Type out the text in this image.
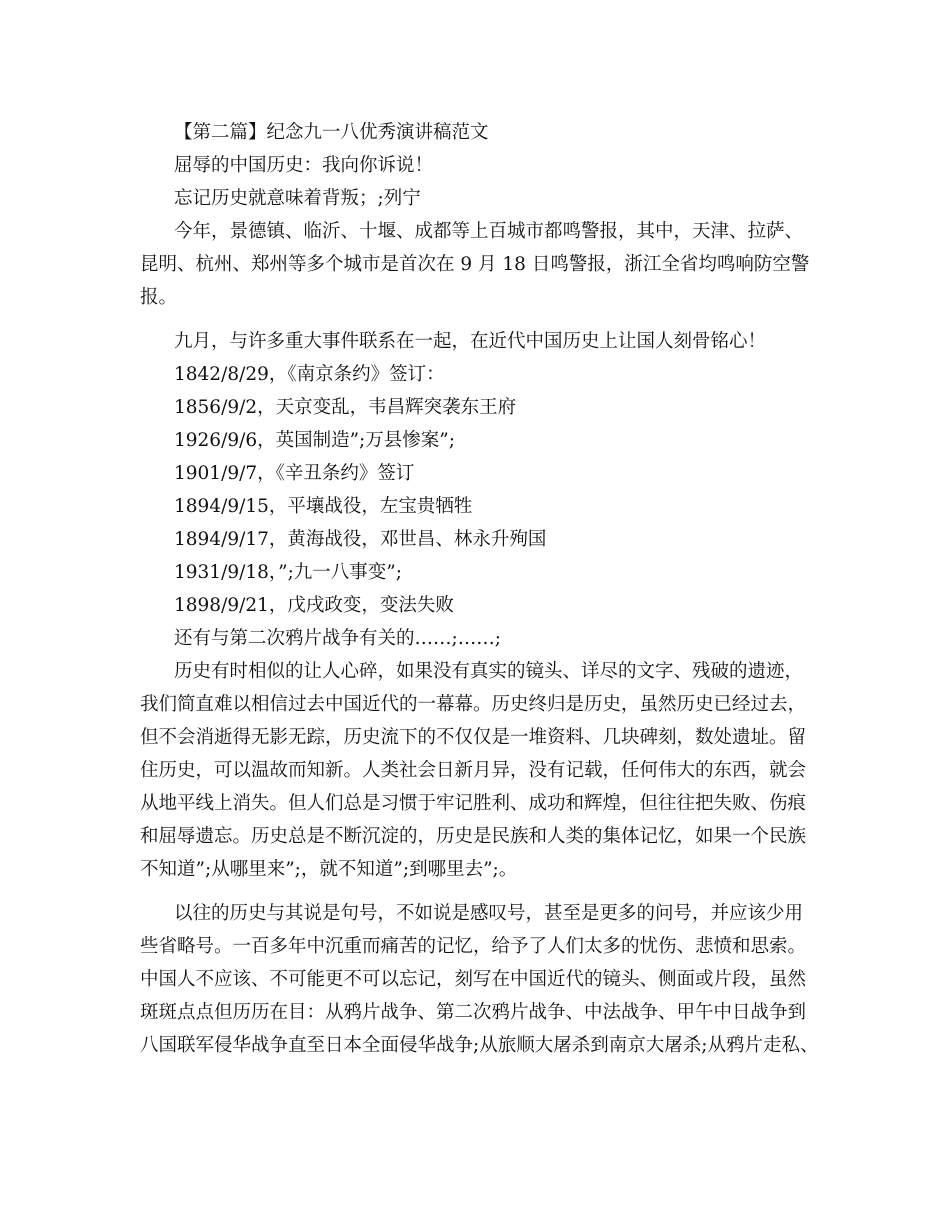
【第二篇】纪念九一八优秀演讲稿范文
屈辱的中国历史：我向你诉说！
忘记历史就意味着背叛；;列宁
今年，景德镇、临沂、十堰、成都等上百城市都鸣警报，其中，天津、拉萨、
昆明、杭州、郑州等多个城市是首次在 9 月 18 日鸣警报，浙江全省均鸣响防空警
报。
九月，与许多重大事件联系在一起，在近代中国历史上让国人刻骨铭心！
1842/8/29，《南京条约》签订：
1856/9/2，天京变乱，韦昌辉突袭东王府
1926/9/6，英国制造”;万县惨案”;
1901/9/7，《辛丑条约》签订
1894/9/15，平壤战役，左宝贵牺牲
1894/9/17，黄海战役，邓世昌、林永升殉国
1931/9/18，”;九一八事变”;
1898/9/21，戊戌政变，变法失败
还有与第二次鸦片战争有关的……;……;
历史有时相似的让人心碎，如果没有真实的镜头、详尽的文字、残破的遗迹，
我们简直难以相信过去中国近代的一幕幕。历史终归是历史，虽然历史已经过去，
但不会消逝得无影无踪，历史流下的不仅仅是一堆资料、几块碑刻，数处遗址。留
住历史，可以温故而知新。人类社会日新月异，没有记载，任何伟大的东西，就会
从地平线上消失。但人们总是习惯于牢记胜利、成功和辉煌，但往往把失败、伤痕
和屈辱遗忘。历史总是不断沉淀的，历史是民族和人类的集体记忆，如果一个民族
不知道”;从哪里来”;，就不知道”;到哪里去”;。
以往的历史与其说是句号，不如说是感叹号，甚至是更多的问号，并应该少用
些省略号。一百多年中沉重而痛苦的记忆，给予了人们太多的忧伤、悲愤和思索。
中国人不应该、不可能更不可以忘记，刻写在中国近代的镜头、侧面或片段，虽然
斑斑点点但历历在目：从鸦片战争、第二次鸦片战争、中法战争、甲午中日战争到
八国联军侵华战争直至日本全面侵华战争;从旅顺大屠杀到南京大屠杀;从鸦片走私、
